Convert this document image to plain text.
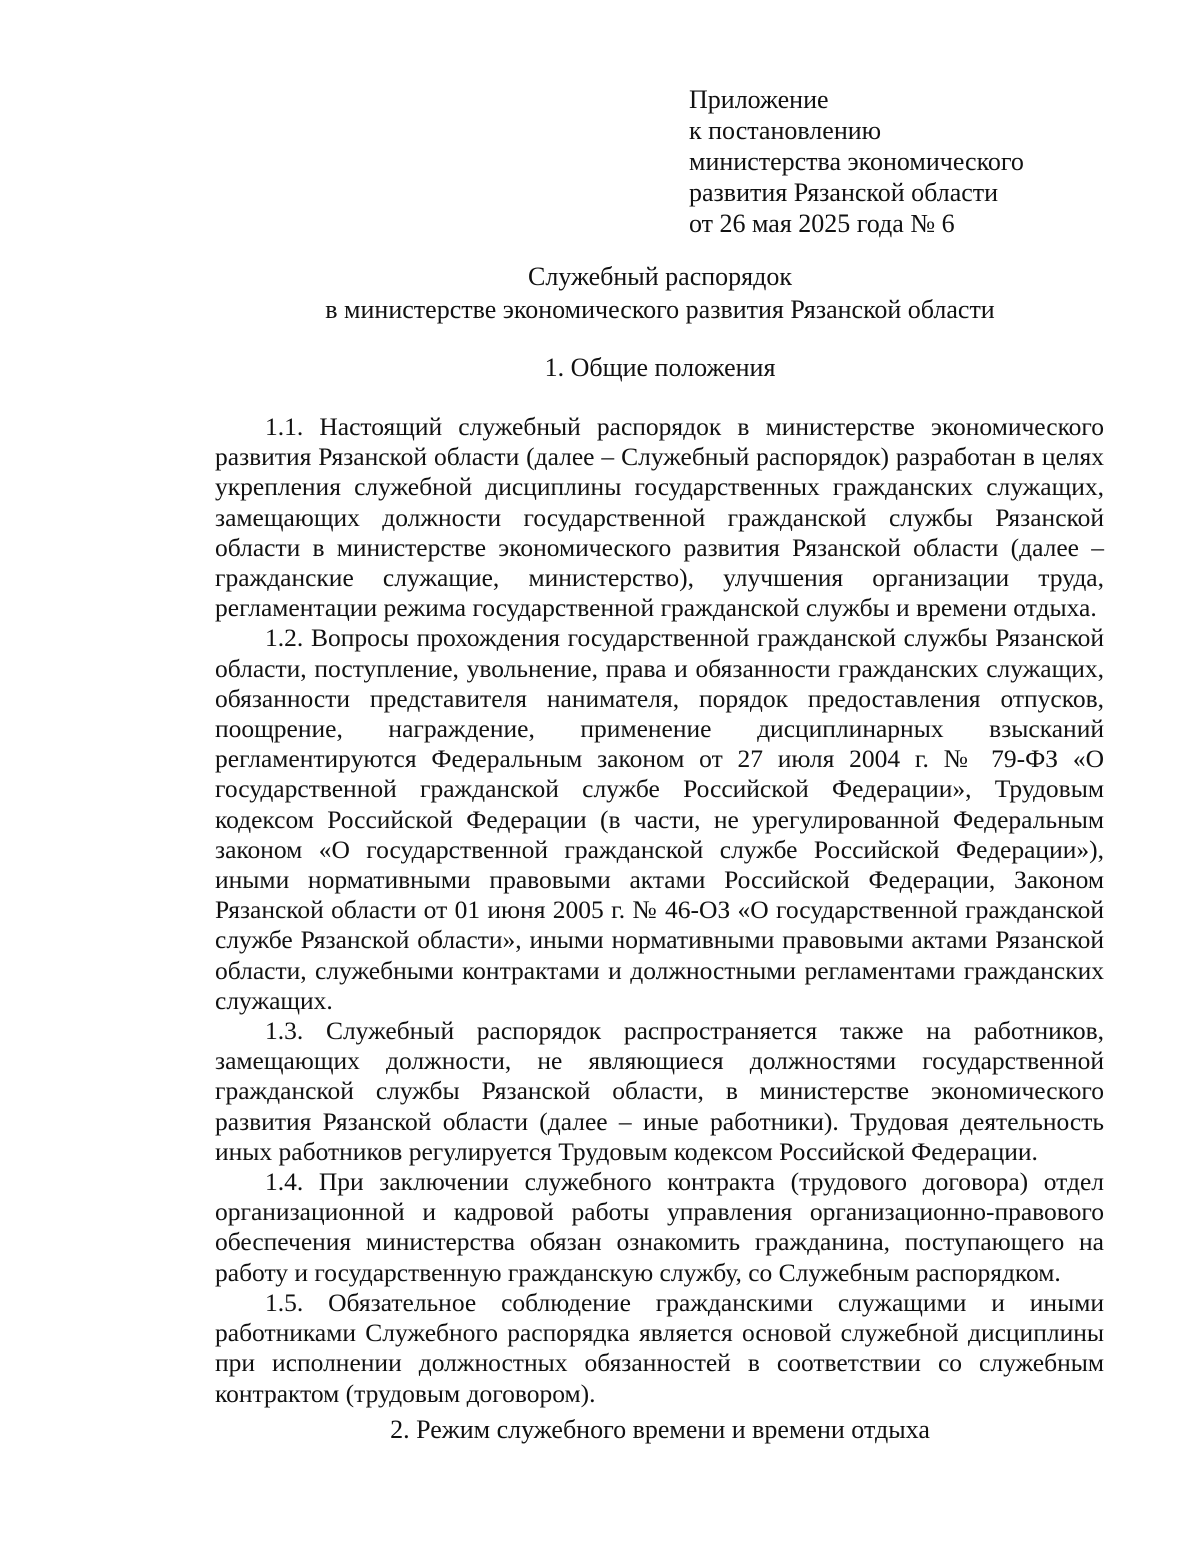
Приложение
к постановлению
министерства экономического
развития Рязанской области
от 26 мая 2025 года № 6
Служебный распорядок
в министерстве экономического развития Рязанской области
1. Общие положения

1.1. Настоящий служебный распорядок в министерстве экономического развития Рязанской области (далее – Служебный распорядок) разработан в целях укрепления служебной дисциплины государственных гражданских служащих, замещающих должности государственной гражданской службы Рязанской области в министерстве экономического развития Рязанской области (далее – гражданские служащие, министерство), улучшения организации труда, регламентации режима государственной гражданской службы и времени отдыха.

1.2. Вопросы прохождения государственной гражданской службы Рязанской области, поступление, увольнение, права и обязанности гражданских служащих, обязанности представителя нанимателя, порядок предоставления отпусков, поощрение, награждение, применение дисциплинарных взысканий регламентируются Федеральным законом от 27 июля 2004 г. № 79-ФЗ «О государственной гражданской службе Российской Федерации», Трудовым кодексом Российской Федерации (в части, не урегулированной Федеральным законом «О государственной гражданской службе Российской Федерации»), иными нормативными правовыми актами Российской Федерации, Законом Рязанской области от 01 июня 2005 г. № 46-ОЗ «О государственной гражданской службе Рязанской области», иными нормативными правовыми актами Рязанской области, служебными контрактами и должностными регламентами гражданских служащих.

1.3. Служебный распорядок распространяется также на работников, замещающих должности, не являющиеся должностями государственной гражданской службы Рязанской области, в министерстве экономического развития Рязанской области (далее – иные работники). Трудовая деятельность иных работников регулируется Трудовым кодексом Российской Федерации.

1.4. При заключении служебного контракта (трудового договора) отдел организационной и кадровой работы управления организационно-правового обеспечения министерства обязан ознакомить гражданина, поступающего на работу и государственную гражданскую службу, со Служебным распорядком.

1.5. Обязательное соблюдение гражданскими служащими и иными работниками Служебного распорядка является основой служебной дисциплины при исполнении должностных обязанностей в соответствии со служебным контрактом (трудовым договором).

2. Режим служебного времени и времени отдыха
